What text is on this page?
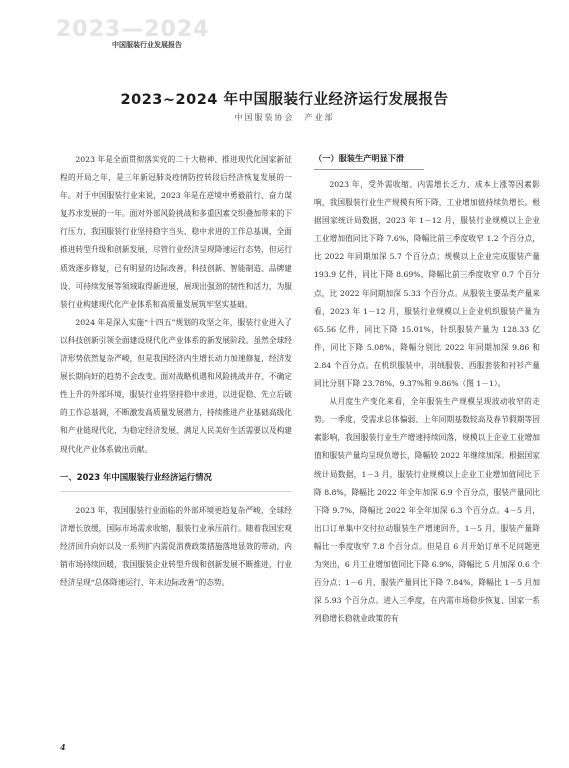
2023—2024
中国服装行业发展报告
2023~2024 年中国服装行业经济运行发展报告
中国服装协会　产业部

2023 年是全面贯彻落实党的二十大精神、推进现代化国家新征程的开局之年，是三年新冠肺炎疫情防控转段后经济恢复发展的一年。对于中国服装行业来说，2023 年是在逆境中勇毅前行、奋力谋复苏求发展的一年。面对外部风险挑战和多重因素交织叠加带来的下行压力，我国服装行业坚持稳字当头、稳中求进的工作总基调，全面推进转型升级和创新发展，尽管行业经济呈现降速运行态势，但运行质效逐步修复，已有明显的边际改善，科技创新、智能制造、品牌建设、可持续发展等领域取得新进展，展现出强劲的韧性和活力，为服装行业构建现代化产业体系和高质量发展筑牢坚实基础。

2024 年是深入实施“十四五”规划的攻坚之年，服装行业进入了以科技创新引领全面建设现代化产业体系的新发展阶段。虽然全球经济形势依然复杂严峻，但是我国经济内生增长动力加速修复，经济发展长期向好的趋势不会改变。面对战略机遇和风险挑战并存、不确定性上升的外部环境，服装行业将坚持稳中求进，以进促稳、先立后破的工作总基调，不断激发高质量发展潜力，持续推进产业基础高级化和产业链现代化，为稳定经济发展、满足人民美好生活需要以及构建现代化产业体系做出贡献。

一、2023 年中国服装行业经济运行情况

2023 年，我国服装行业面临的外部环境更趋复杂严峻，全球经济增长放缓，国际市场需求收缩，服装行业承压前行。随着我国宏观经济回升向好以及一系列扩内需促消费政策措施落地显效的带动，内销市场持续回暖，我国服装企业转型升级和创新发展不断推进，行业经济呈现“总体降速运行、年末边际改善”的态势。

（一）服装生产明显下滑

2023 年，受外需收缩、内需增长乏力、成本上涨等因素影响，我国服装行业生产规模有所下降，工业增加值持续负增长。根据国家统计局数据，2023 年 1－12 月，服装行业规模以上企业工业增加值同比下降 7.6%，降幅比前三季度收窄 1.2 个百分点，比 2022 年同期加深 5.7 个百分点；规模以上企业完成服装产量 193.9 亿件，同比下降 8.69%，降幅比前三季度收窄 0.7 个百分点，比 2022 年同期加深 5.33 个百分点。从服装主要品类产量来看，2023 年 1－12 月，服装行业规模以上企业机织服装产量为 65.56 亿件，同比下降 15.01%，针织服装产量为 128.33 亿件，同比下降 5.08%，降幅分别比 2022 年同期加深 9.86 和 2.84 个百分点。在机织服装中，羽绒服装、西服套装和衬衫产量同比分别下降 23.78%、9.37%和 9.86%（图 1－1）。

从月度生产变化来看，全年服装生产规模呈现波动收窄的走势。一季度，受需求总体偏弱、上年同期基数较高及春节假期等因素影响，我国服装行业生产增速持续回落，规模以上企业工业增加值和服装产量均呈现负增长，降幅较 2022 年继续加深。根据国家统计局数据，1－3 月，服装行业规模以上企业工业增加值同比下降 8.8%，降幅比 2022 年全年加深 6.9 个百分点，服装产量同比下降 9.7%，降幅比 2022 年全年加深 6.3 个百分点。4－5 月，出口订单集中交付拉动服装生产增速回升，1－5 月，服装产量降幅比一季度收窄 7.8 个百分点。但是自 6 月开始订单不足问题更为突出，6 月工业增加值同比下降 6.9%，降幅比 5 月加深 0.6 个百分点；1－6 月，服装产量同比下降 7.84%，降幅比 1－5 月加深 5.93 个百分点。进入三季度，在内需市场稳步恢复、国家一系列稳增长稳就业政策的有

4
